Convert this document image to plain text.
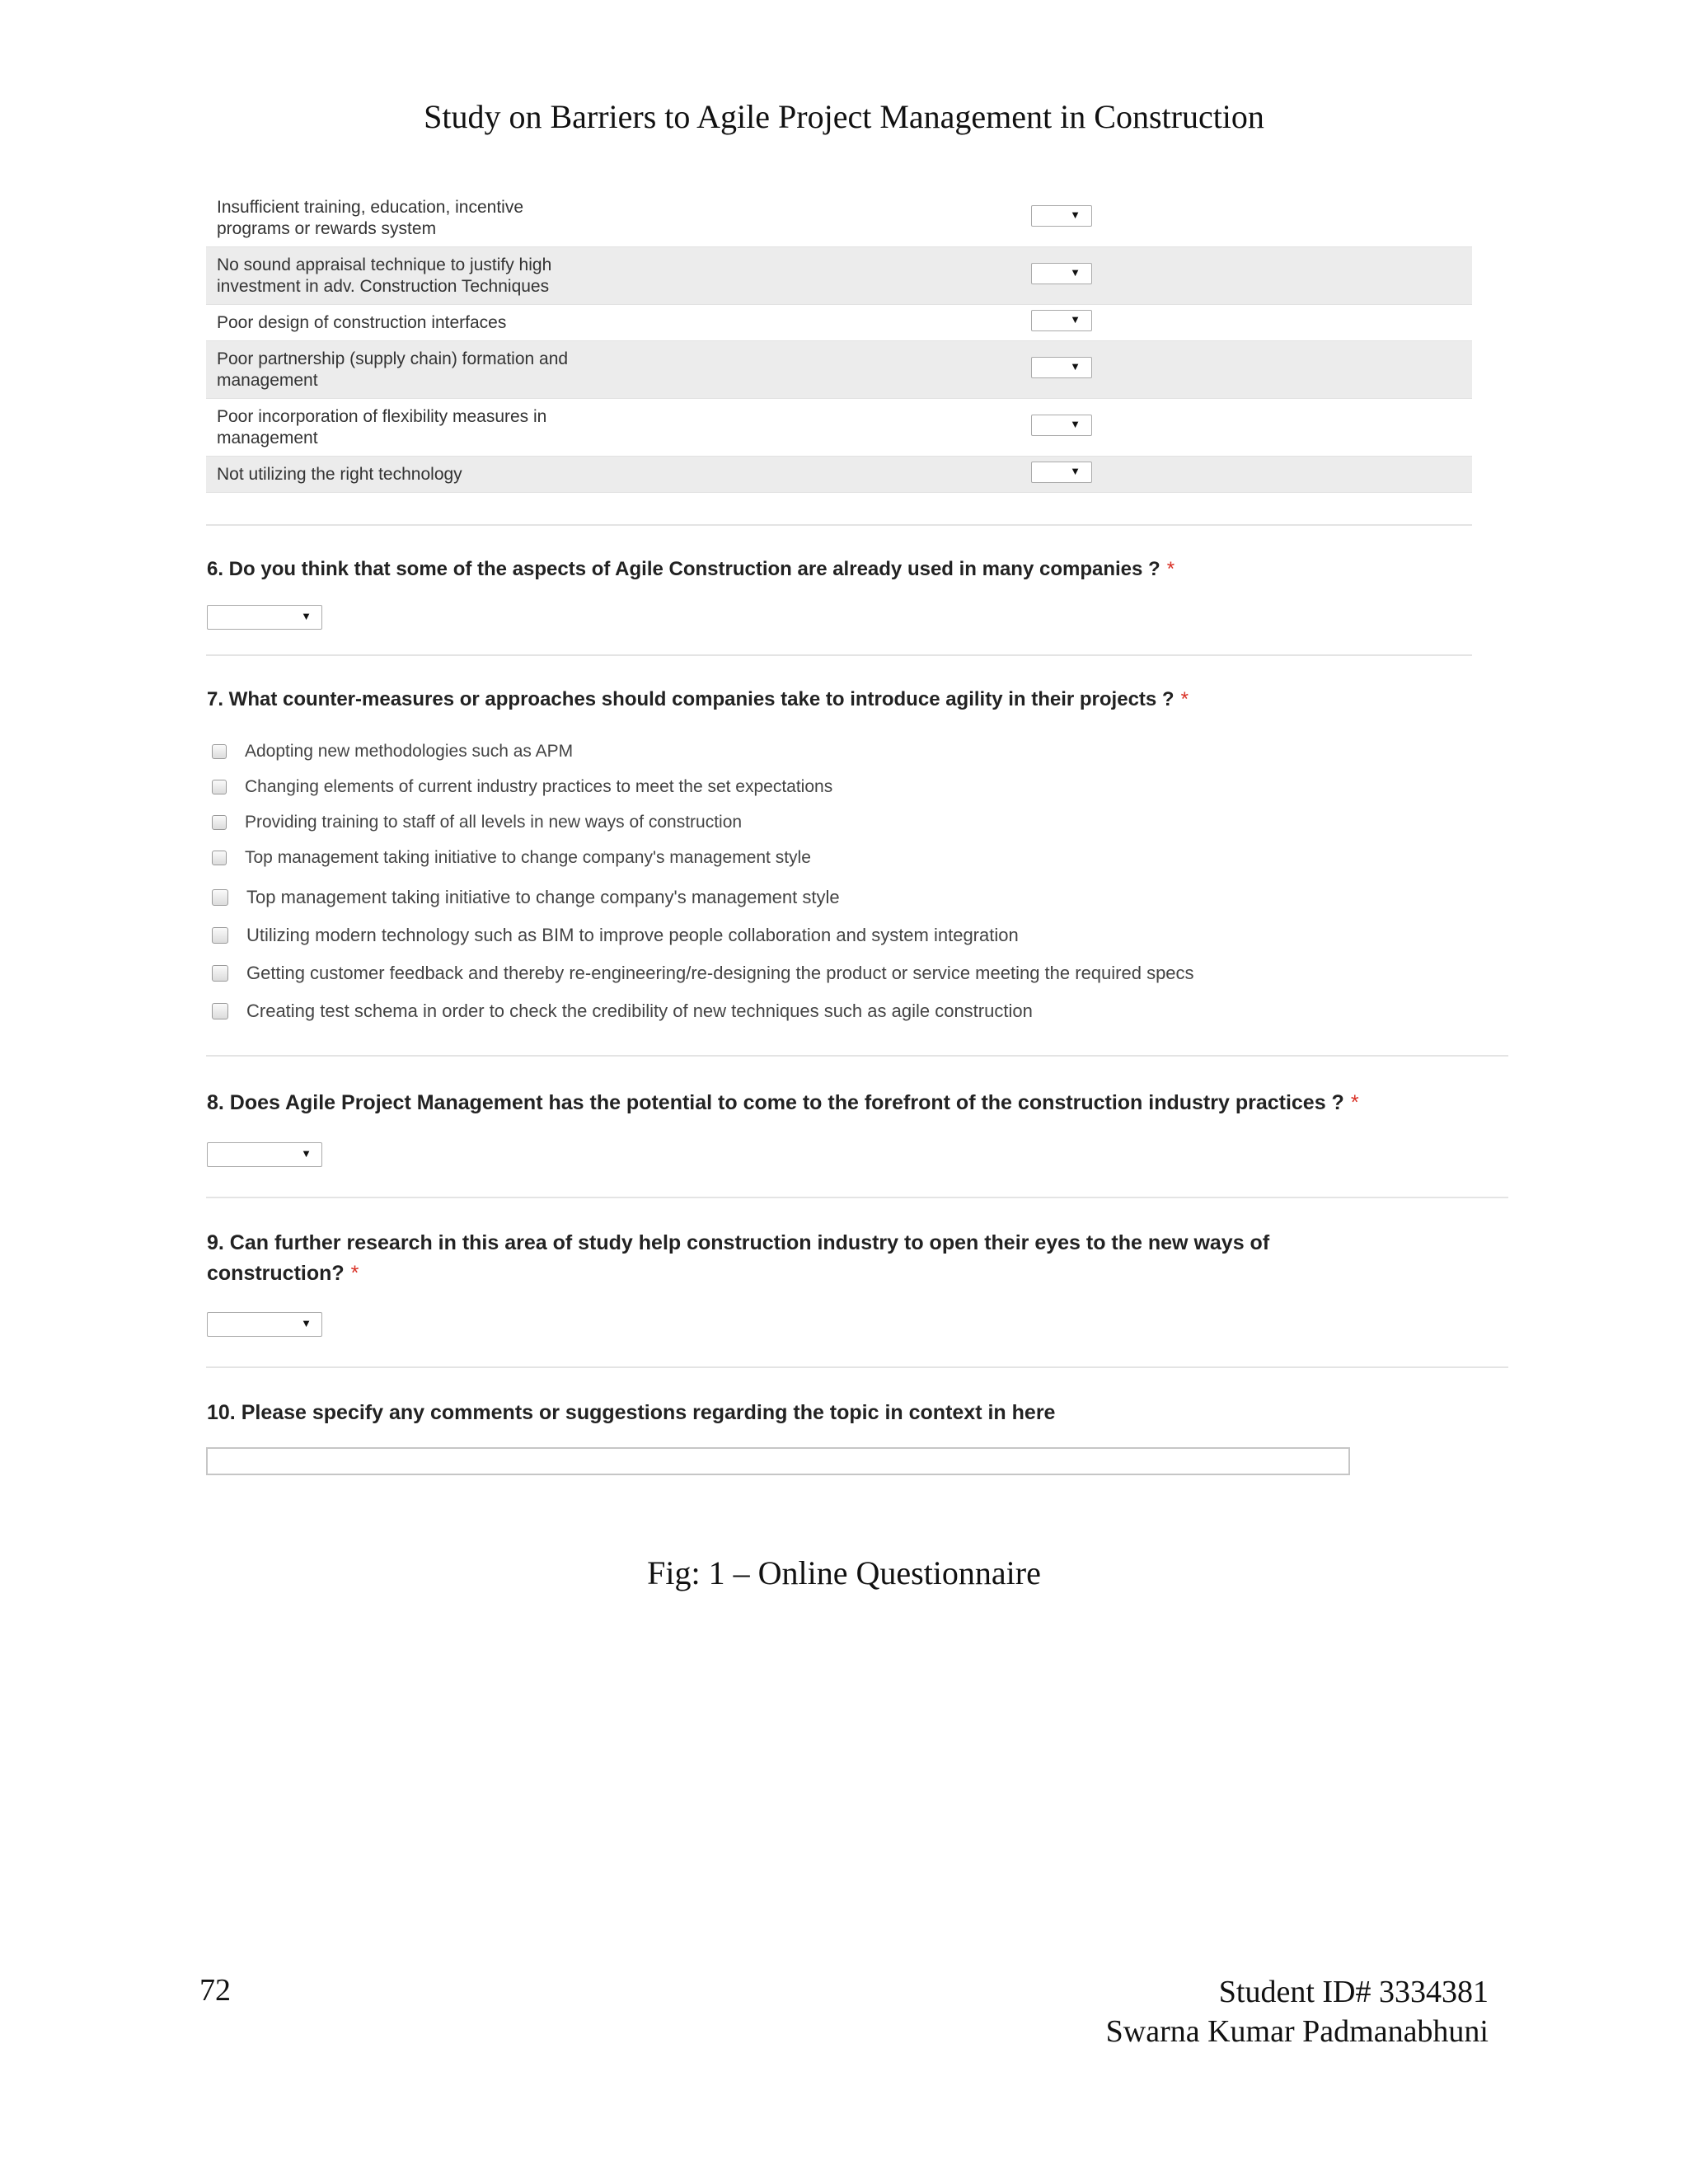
Study on Barriers to Agile Project Management in Construction
Insufficient training, education, incentive
programs or rewards system
▼
No sound appraisal technique to justify high
investment in adv. Construction Techniques
▼
Poor design of construction interfaces	▼
Poor partnership (supply chain) formation and
management
▼
Poor incorporation of flexibility measures in
management
▼
Not utilizing the right technology	▼
6. Do you think that some of the aspects of Agile Construction are already used in many companies ? *
▼
7. What counter-measures or approaches should companies take to introduce agility in their projects ? *
Adopting new methodologies such as APM
Changing elements of current industry practices to meet the set expectations
Providing training to staff of all levels in new ways of construction
Top management taking initiative to change company's management style
Top management taking initiative to change company's management style
Utilizing modern technology such as BIM to improve people collaboration and system integration
Getting customer feedback and thereby re-engineering/re-designing the product or service meeting the required specs
Creating test schema in order to check the credibility of new techniques such as agile construction
8. Does Agile Project Management has the potential to come to the forefront of the construction industry practices ? *
▼
9. Can further research in this area of study help construction industry to open their eyes to the new ways of
construction? *
▼
10. Please specify any comments or suggestions regarding the topic in context in here
Fig: 1 – Online Questionnaire
72	Student ID# 3334381
Swarna Kumar Padmanabhuni
